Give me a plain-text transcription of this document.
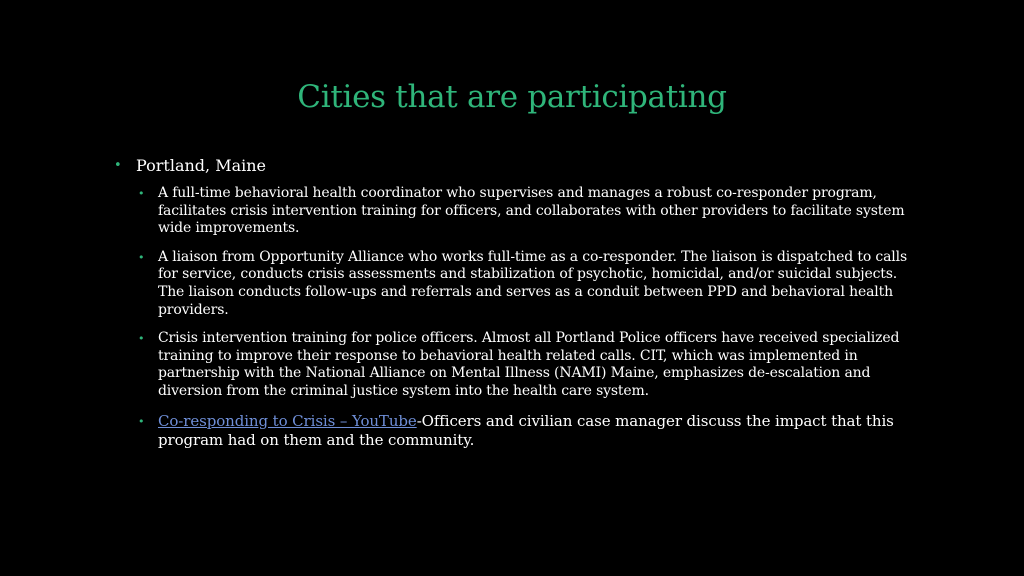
Cities that are participating
• Portland, Maine
• A full-time behavioral health coordinator who supervises and manages a robust co-responder program, facilitates crisis intervention training for officers, and collaborates with other providers to facilitate system wide improvements.
• A liaison from Opportunity Alliance who works full-time as a co-responder. The liaison is dispatched to calls for service, conducts crisis assessments and stabilization of psychotic, homicidal, and/or suicidal subjects. The liaison conducts follow-ups and referrals and serves as a conduit between PPD and behavioral health providers.
• Crisis intervention training for police officers. Almost all Portland Police officers have received specialized training to improve their response to behavioral health related calls. CIT, which was implemented in partnership with the National Alliance on Mental Illness (NAMI) Maine, emphasizes de-escalation and diversion from the criminal justice system into the health care system.
• Co-responding to Crisis – YouTube-Officers and civilian case manager discuss the impact that this program had on them and the community.
